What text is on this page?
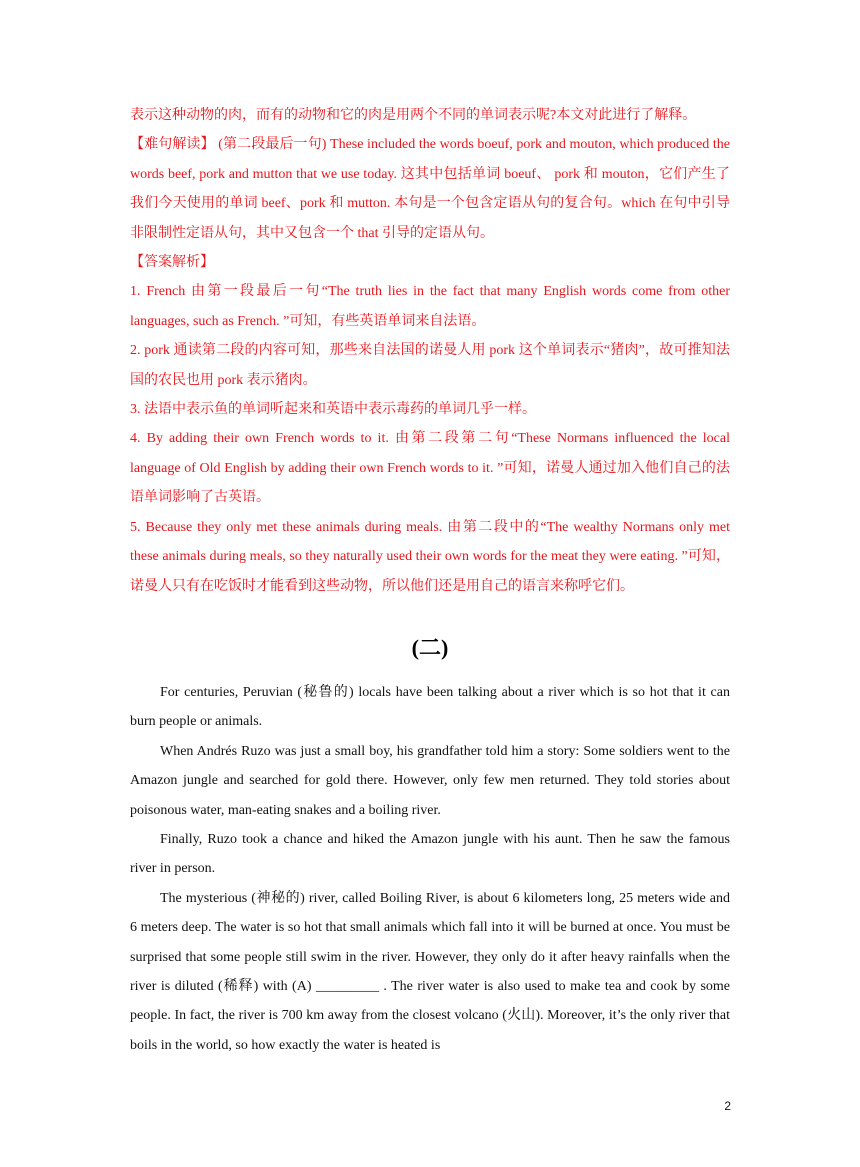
表示这种动物的肉，而有的动物和它的肉是用两个不同的单词表示呢?本文对此进行了解释。

【难句解读】 (第二段最后一句) These included the words boeuf, pork and mouton, which produced the words beef, pork and mutton that we use today. 这其中包括单词 boeuf、 pork 和 mouton，它们产生了我们今天使用的单词 beef、pork 和 mutton. 本句是一个包含定语从句的复合句。which 在句中引导非限制性定语从句，其中又包含一个 that 引导的定语从句。

【答案解析】

1. French 由第一段最后一句“The truth lies in the fact that many English words come from other languages, such as French. ”可知，有些英语单词来自法语。

2. pork 通读第二段的内容可知，那些来自法国的诺曼人用 pork 这个单词表示“猪肉”，故可推知法国的农民也用 pork 表示猪肉。

3. 法语中表示鱼的单词听起来和英语中表示毒药的单词几乎一样。

4. By adding their own French words to it. 由第二段第二句“These Normans influenced the local language of Old English by adding their own French words to it. ”可知，诺曼人通过加入他们自己的法语单词影响了古英语。

5. Because they only met these animals during meals. 由第二段中的“The wealthy Normans only met these animals during meals, so they naturally used their own words for the meat they were eating. ”可知，诺曼人只有在吃饭时才能看到这些动物，所以他们还是用自己的语言来称呼它们。

(二)

For centuries, Peruvian (秘鲁的) locals have been talking about a river which is so hot that it can burn people or animals.

When Andrés Ruzo was just a small boy, his grandfather told him a story: Some soldiers went to the Amazon jungle and searched for gold there. However, only few men returned. They told stories about poisonous water, man-eating snakes and a boiling river.

Finally, Ruzo took a chance and hiked the Amazon jungle with his aunt. Then he saw the famous river in person.

The mysterious (神秘的) river, called Boiling River, is about 6 kilometers long, 25 meters wide and 6 meters deep. The water is so hot that small animals which fall into it will be burned at once. You must be surprised that some people still swim in the river. However, they only do it after heavy rainfalls when the river is diluted (稀释) with (A) _________ . The river water is also used to make tea and cook by some people. In fact, the river is 700 km away from the closest volcano (火山). Moreover, it’s the only river that boils in the world, so how exactly the water is heated is

2
